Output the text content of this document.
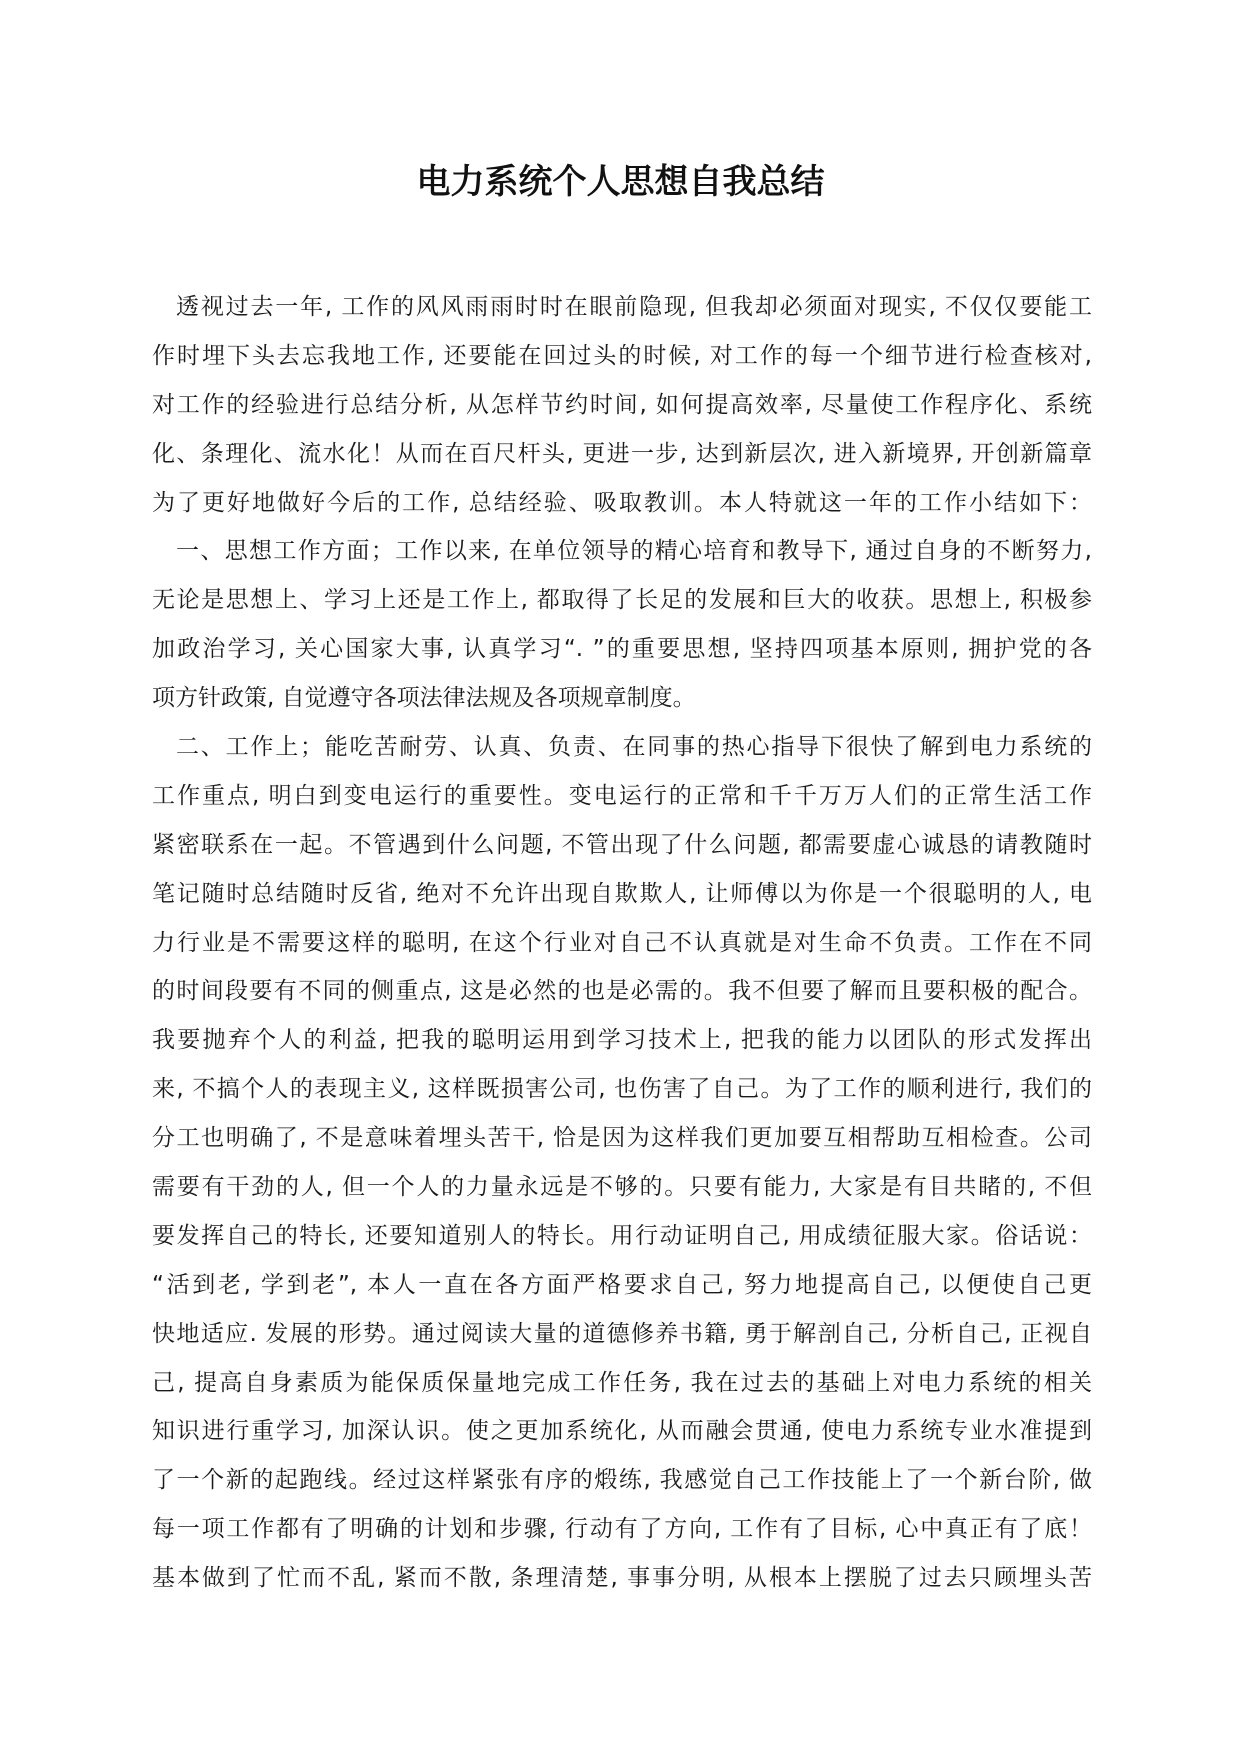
电力系统个人思想自我总结
透视过去一年, 工作的风风雨雨时时在眼前隐现, 但我却必须面对现实, 不仅仅要能工
作时埋下头去忘我地工作, 还要能在回过头的时候, 对工作的每一个细节进行检查核对,
对工作的经验进行总结分析, 从怎样节约时间, 如何提高效率, 尽量使工作程序化、系统
化、条理化、流水化！从而在百尺杆头, 更进一步, 达到新层次, 进入新境界, 开创新篇章
为了更好地做好今后的工作, 总结经验、吸取教训。本人特就这一年的工作小结如下：
一、思想工作方面；工作以来, 在单位领导的精心培育和教导下, 通过自身的不断努力,
无论是思想上、学习上还是工作上, 都取得了长足的发展和巨大的收获。思想上, 积极参
加政治学习, 关心国家大事, 认真学习“. ”的重要思想, 坚持四项基本原则, 拥护党的各
项方针政策, 自觉遵守各项法律法规及各项规章制度。
二、工作上；能吃苦耐劳、认真、负责、在同事的热心指导下很快了解到电力系统的
工作重点, 明白到变电运行的重要性。变电运行的正常和千千万万人们的正常生活工作
紧密联系在一起。不管遇到什么问题, 不管出现了什么问题, 都需要虚心诚恳的请教随时
笔记随时总结随时反省, 绝对不允许出现自欺欺人, 让师傅以为你是一个很聪明的人, 电
力行业是不需要这样的聪明, 在这个行业对自己不认真就是对生命不负责。工作在不同
的时间段要有不同的侧重点, 这是必然的也是必需的。我不但要了解而且要积极的配合。
我要抛弃个人的利益, 把我的聪明运用到学习技术上, 把我的能力以团队的形式发挥出
来, 不搞个人的表现主义, 这样既损害公司, 也伤害了自己。为了工作的顺利进行, 我们的
分工也明确了, 不是意味着埋头苦干, 恰是因为这样我们更加要互相帮助互相检查。公司
需要有干劲的人, 但一个人的力量永远是不够的。只要有能力, 大家是有目共睹的, 不但
要发挥自己的特长, 还要知道别人的特长。用行动证明自己, 用成绩征服大家。俗话说：
“活到老, 学到老”, 本人一直在各方面严格要求自己, 努力地提高自己, 以便使自己更
快地适应. 发展的形势。通过阅读大量的道德修养书籍, 勇于解剖自己, 分析自己, 正视自
己, 提高自身素质为能保质保量地完成工作任务, 我在过去的基础上对电力系统的相关
知识进行重学习, 加深认识。使之更加系统化, 从而融会贯通, 使电力系统专业水准提到
了一个新的起跑线。经过这样紧张有序的煅练, 我感觉自己工作技能上了一个新台阶, 做
每一项工作都有了明确的计划和步骤, 行动有了方向, 工作有了目标, 心中真正有了底！
基本做到了忙而不乱, 紧而不散, 条理清楚, 事事分明, 从根本上摆脱了过去只顾埋头苦
